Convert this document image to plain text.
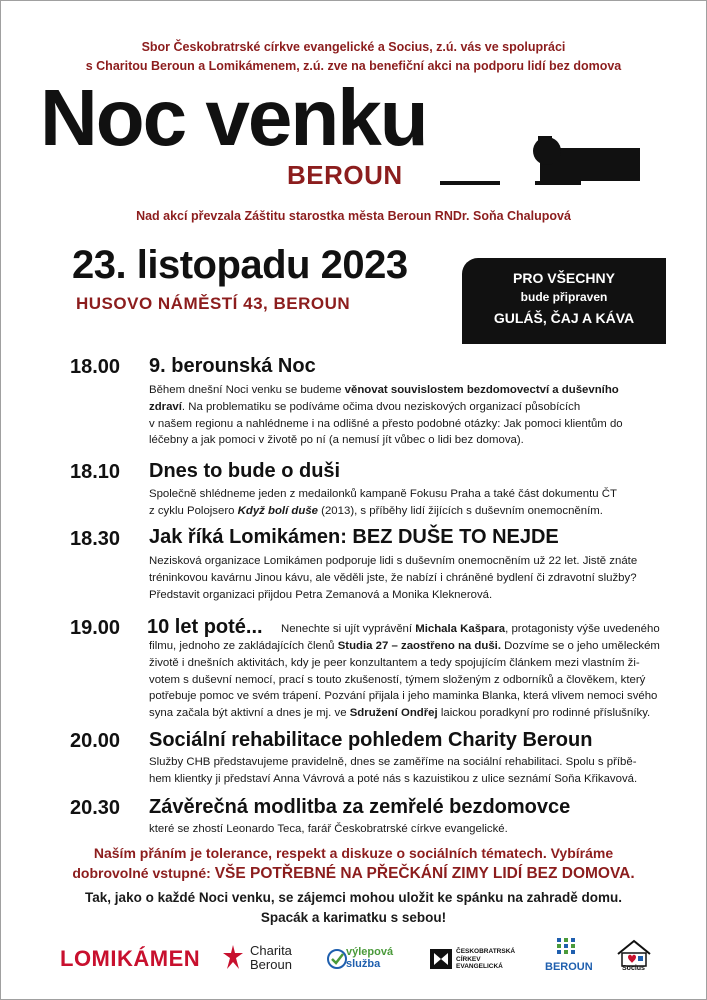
Sbor Českobratrské církve evangelické a Socius, z.ú. vás ve spolupráci
s Charitou Beroun a Lomikámenem, z.ú. zve na benefiční akci na podporu lidí bez domova
Noc venku
BEROUN
Nad akcí převzala Záštitu starostka města Beroun RNDr. Soňa Chalupová
23. listopadu 2023
HUSOVO NÁMĚSTÍ 43, BEROUN
PRO VŠECHNY
bude připraven
GULÁŠ, ČAJ A KÁVA
18.00 9. berounská Noc
Během dnešní Noci venku se budeme věnovat souvislostem bezdomovectví a duševního
zdraví. Na problematiku se podíváme očima dvou neziskových organizací působících
v našem regionu a nahlédneme i na odlišné a přesto podobné otázky: Jak pomoci klientům do
léčebny a jak pomoci v životě po ní (a nemusí jít vůbec o lidi bez domova).
18.10 Dnes to bude o duši
Společně shlédneme jeden z medailonků kampaně Fokusu Praha a také část dokumentu ČT
z cyklu Polojsero Když bolí duše (2013), s příběhy lidí žijících s duševním onemocněním.
18.30 Jak říká Lomikámen: BEZ DUŠE TO NEJDE
Nezisková organizace Lomikámen podporuje lidi s duševním onemocněním už 22 let. Jistě znáte
tréninkovou kavárnu Jinou kávu, ale věděli jste, že nabízí i chráněné bydlení či zdravotní služby?
Představit organizaci přijdou Petra Zemanová a Monika Kleknerová.
19.00 10 let poté... Nenechte si ujít vyprávění Michala Kašpara, protagonisty výše uvedeného
filmu, jednoho ze zakládajících členů Studia 27 – zaostřeno na duši. Dozvíme se o jeho uměleckém
životě i dnešních aktivitách, kdy je peer konzultantem a tedy spojujícím článkem mezi vlastním ži-
votem s duševní nemocí, prací s touto zkušeností, týmem složeným z odborníků a člověkem, který
potřebuje pomoc ve svém trápení. Pozvání přijala i jeho maminka Blanka, která vlivem nemoci svého
syna začala být aktivní a dnes je mj. ve Sdružení Ondřej laickou poradkyní pro rodinné příslušníky.
20.00 Sociální rehabilitace pohledem Charity Beroun
Služby CHB představujeme pravidelně, dnes se zaměříme na sociální rehabilitaci. Spolu s příbě-
hem klientky ji představí Anna Vávrová a poté nás s kazuistikou z ulice seznámí Soňa Křikavová.
20.30 Závěrečná modlitba za zemřelé bezdomovce
které se zhostí Leonardo Teca, farář Českobratrské církve evangelické.
Naším přáním je tolerance, respekt a diskuze o sociálních tématech. Vybíráme
dobrovolné vstupné: VŠE POTŘEBNÉ NA PŘEČKÁNÍ ZIMY LIDÍ BEZ DOMOVA.
Tak, jako o každé Noci venku, se zájemci mohou uložit ke spánku na zahradě domu.
Spacák a karimatku s sebou!
LOMIKÁMEN	Charita
Beroun
výlepová
služba
ČESKOBRATRSKÁ
CÍRKEV
EVANGELICKÁ	BEROUN	Socius
